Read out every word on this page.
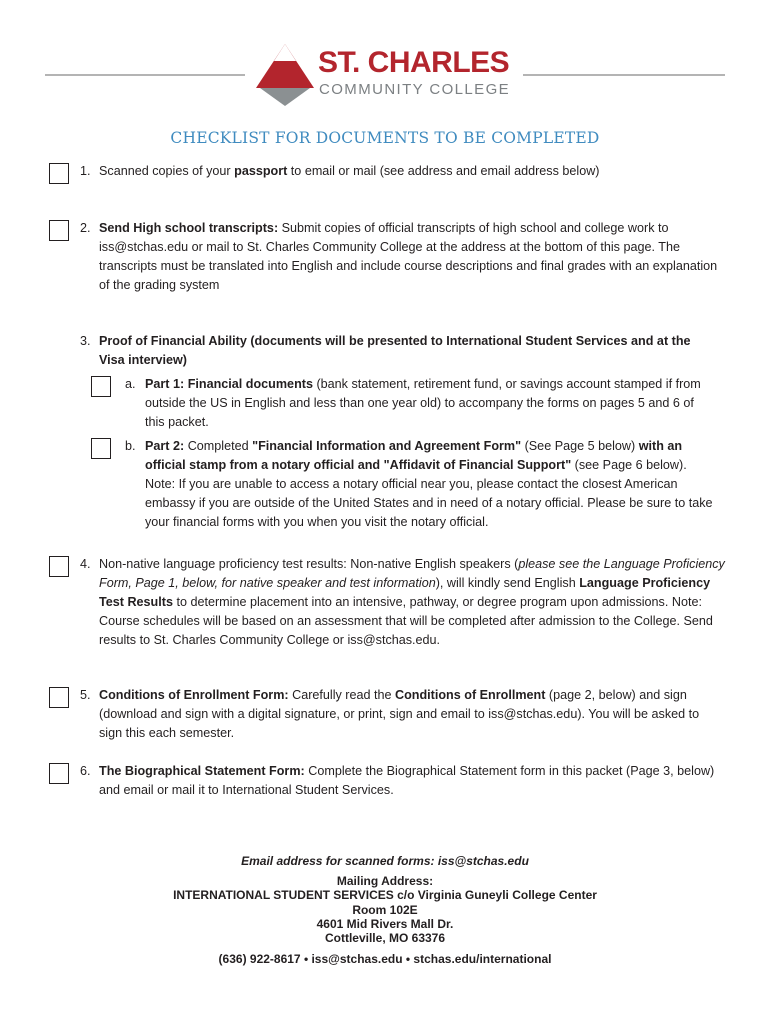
ST. CHARLES
COMMUNITY COLLEGE
CHECKLIST FOR DOCUMENTS TO BE COMPLETED
1. Scanned copies of your passport to email or mail (see address and email address below)
2. Send High school transcripts: Submit copies of official transcripts of high school and college work to iss@stchas.edu or mail to St. Charles Community College at the address at the bottom of this page. The transcripts must be translated into English and include course descriptions and final grades with an explanation of the grading system
3. Proof of Financial Ability (documents will be presented to International Student Services and at the Visa interview)
a. Part 1: Financial documents (bank statement, retirement fund, or savings account stamped if from outside the US in English and less than one year old) to accompany the forms on pages 5 and 6 of this packet.
b. Part 2: Completed "Financial Information and Agreement Form" (See Page 5 below) with an official stamp from a notary official and "Affidavit of Financial Support" (see Page 6 below). Note: If you are unable to access a notary official near you, please contact the closest American embassy if you are outside of the United States and in need of a notary official. Please be sure to take your financial forms with you when you visit the notary official.
4. Non-native language proficiency test results: Non-native English speakers (please see the Language Proficiency Form, Page 1, below, for native speaker and test information), will kindly send English Language Proficiency Test Results to determine placement into an intensive, pathway, or degree program upon admissions. Note: Course schedules will be based on an assessment that will be completed after admission to the College. Send results to St. Charles Community College or iss@stchas.edu.
5. Conditions of Enrollment Form: Carefully read the Conditions of Enrollment (page 2, below) and sign (download and sign with a digital signature, or print, sign and email to iss@stchas.edu). You will be asked to sign this each semester.
6. The Biographical Statement Form: Complete the Biographical Statement form in this packet (Page 3, below) and email or mail it to International Student Services.
Email address for scanned forms: iss@stchas.edu
Mailing Address:
INTERNATIONAL STUDENT SERVICES c/o Virginia Guneyli College Center
Room 102E
4601 Mid Rivers Mall Dr.
Cottleville, MO 63376
(636) 922-8617 • iss@stchas.edu • stchas.edu/international
